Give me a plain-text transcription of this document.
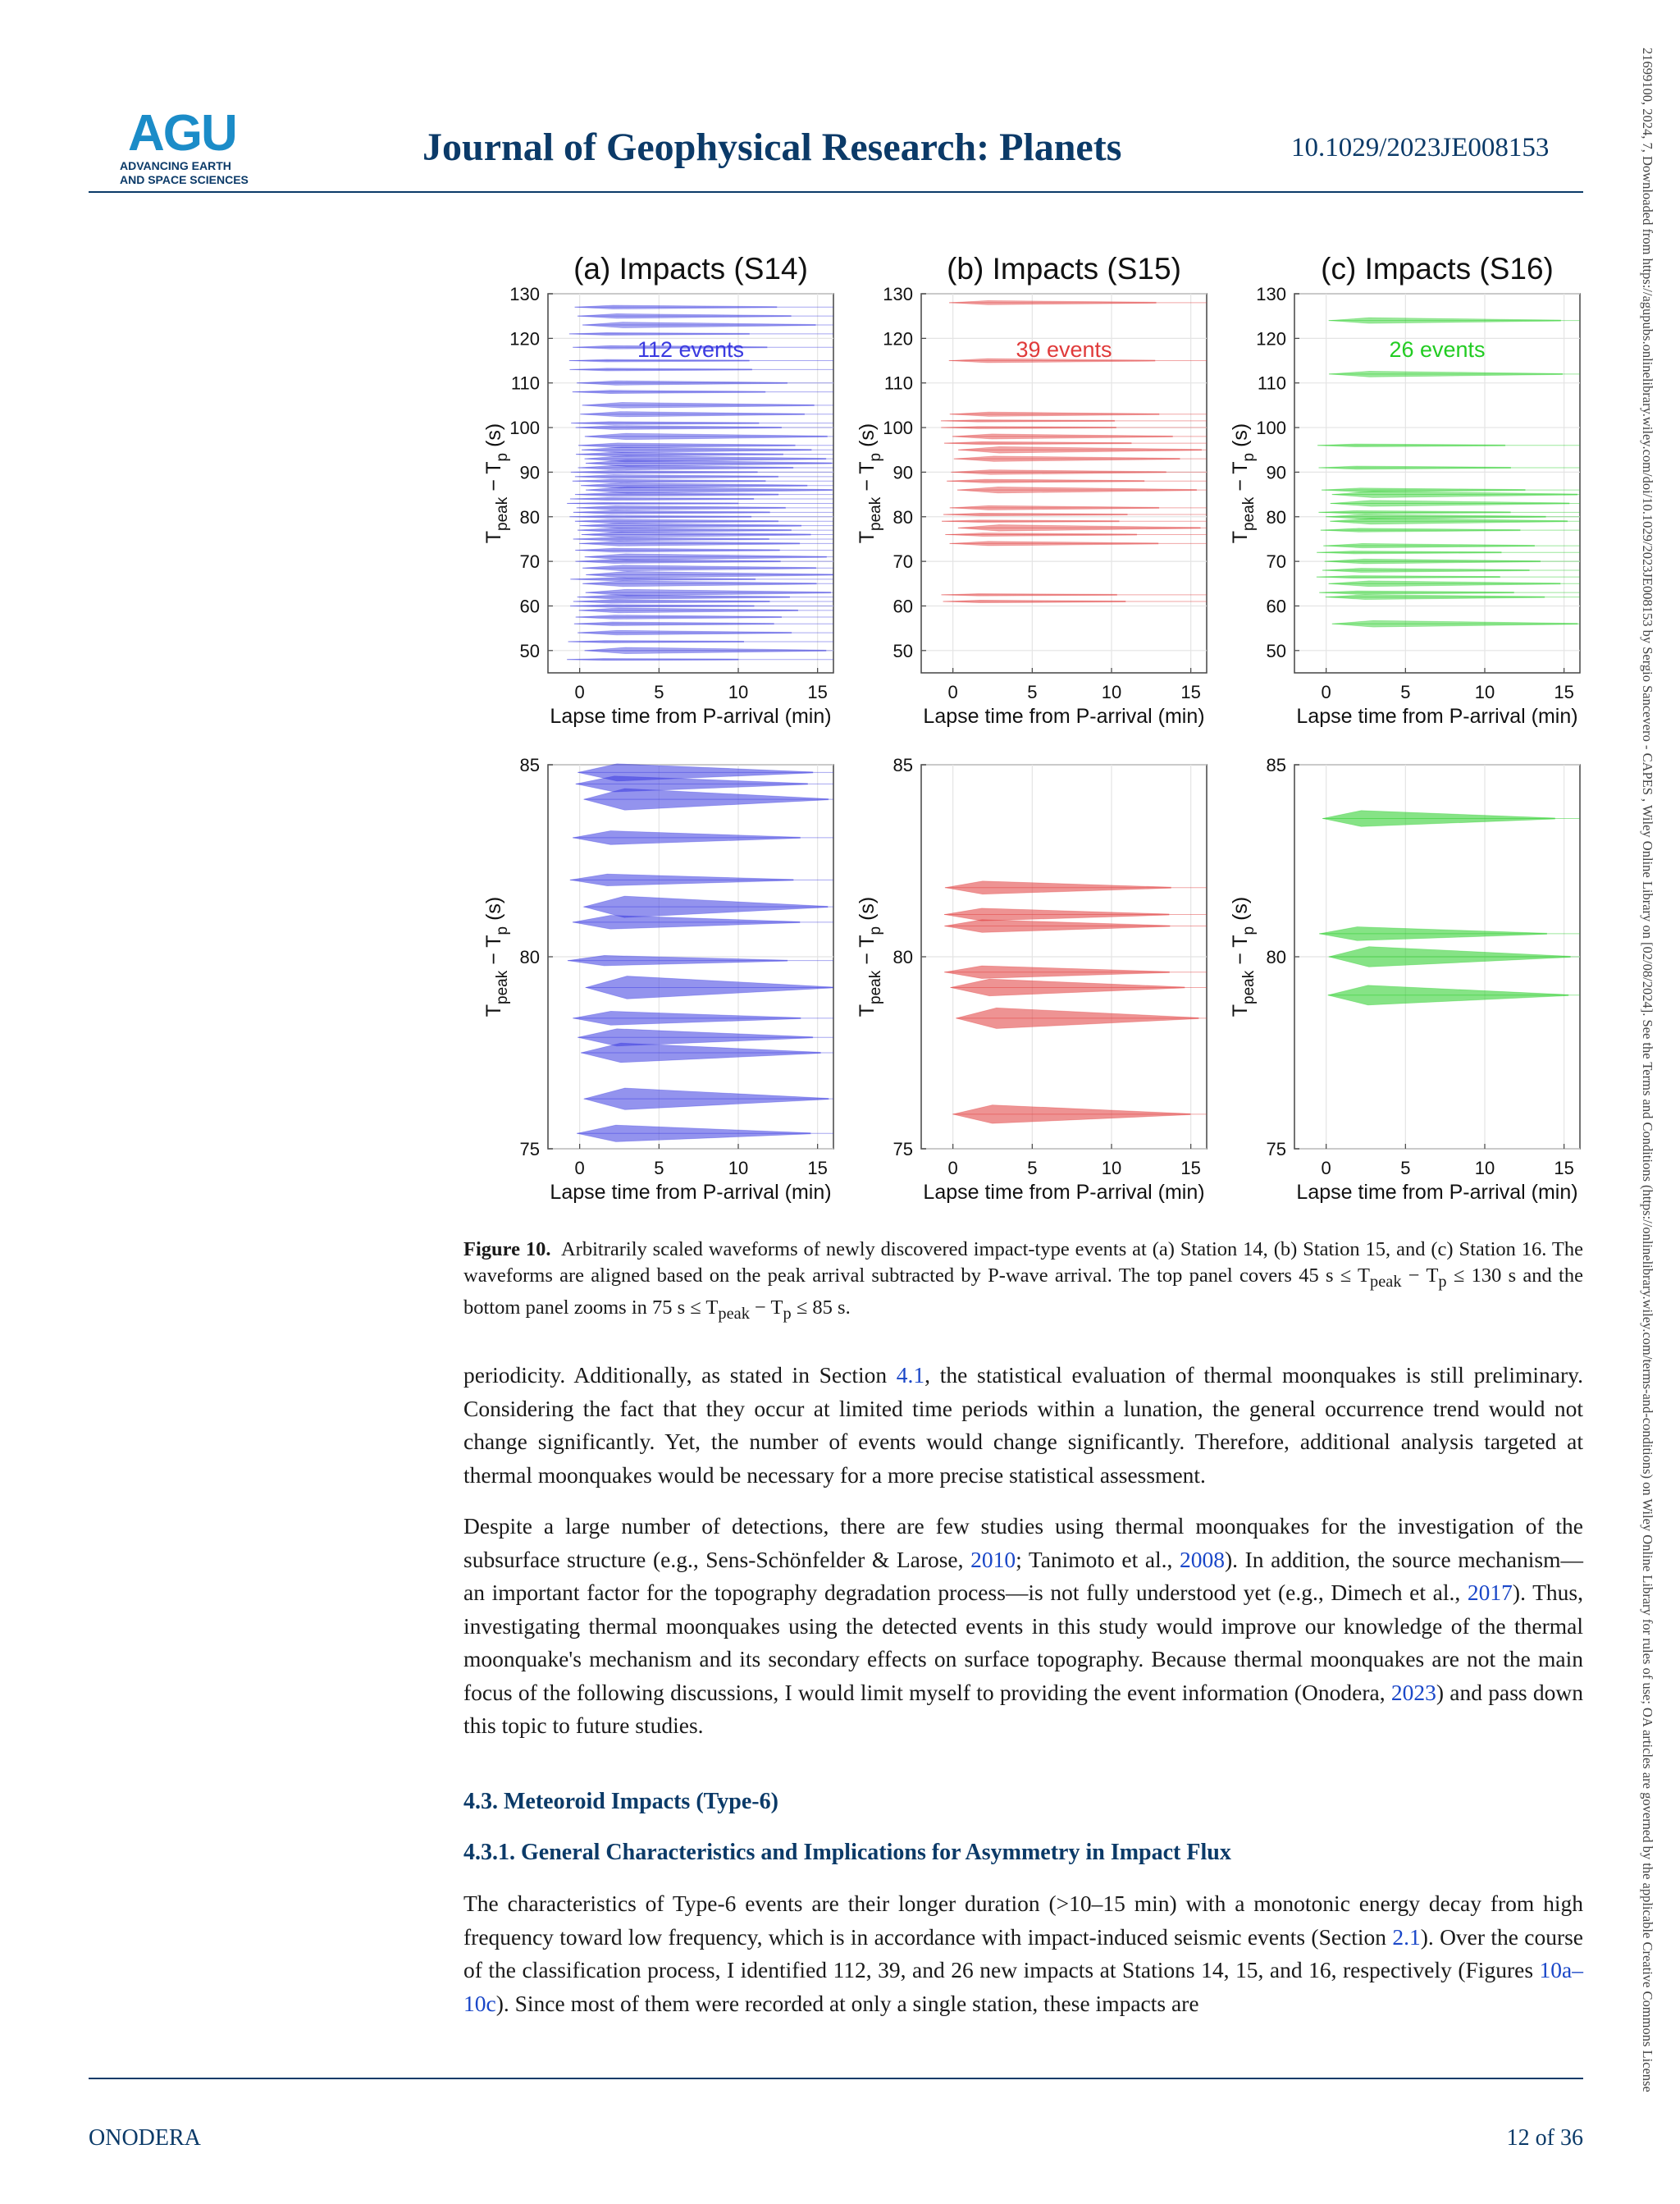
AGU
ADVANCING EARTH
AND SPACE SCIENCES
Journal of Geophysical Research: Planets	10.1029/2023JE008153	21699100, 2024, 7, Downloaded from https://agupubs.onlinelibrary.wiley.com/doi/10.1029/2023JE008153 by Sergio Sancevero - CAPES , Wiley Online Library on [02/08/2024]. See the Terms and Conditions (https://onlinelibrary.wiley.com/terms-and-conditions) on Wiley Online Library for rules of use; OA articles are governed by the applicable Creative Commons License
0	5	10	15
50
60
70
80
90
100
110
120
130
Lapse time from P-arrival (min)
$T_{peak} - T_p$ (s)
(a) Impacts (S14)
112 events
0	5	10	15
50
60
70
80
90
100
110
120
130
Lapse time from P-arrival (min)
$T_{peak} - T_p$ (s)
(b) Impacts (S15)
39 events
0	5	10	15
50
60
70
80
90
100
110
120
130
Lapse time from P-arrival (min)
$T_{peak} - T_p$ (s)
(c) Impacts (S16)
26 events
0	5	10	15
75
80
85
Lapse time from P-arrival (min)
$T_{peak} - T_p$ (s)
0	5	10	15
75
80
85
Lapse time from P-arrival (min)
$T_{peak} - T_p$ (s)
0	5	10	15
75
80
85
Lapse time from P-arrival (min)
$T_{peak} - T_p$ (s)
Figure 10. Arbitrarily scaled waveforms of newly discovered impact-type events at (a) Station 14, (b) Station 15, and (c) Station 16. The waveforms are aligned based on the peak arrival subtracted by P-wave arrival. The top panel covers 45 $s \le T_{peak} - T_p \le 130$ s and the bottom panel zooms in 75 $s \le T_{peak} - T_p \le 85$ s.
periodicity. Additionally, as stated in Section 4.1, the statistical evaluation of thermal moonquakes is still preliminary. Considering the fact that they occur at limited time periods within a lunation, the general occurrence trend would not change significantly. Yet, the number of events would change significantly. Therefore, additional analysis targeted at thermal moonquakes would be necessary for a more precise statistical assessment.
Despite a large number of detections, there are few studies using thermal moonquakes for the investigation of the subsurface structure (e.g., Sens-Schönfelder & Larose, 2010; Tanimoto et al., 2008). In addition, the source mechanism—an important factor for the topography degradation process—is not fully understood yet (e.g., Dimech et al., 2017). Thus, investigating thermal moonquakes using the detected events in this study would improve our knowledge of the thermal moonquake's mechanism and its secondary effects on surface topography. Because thermal moonquakes are not the main focus of the following discussions, I would limit myself to providing the event information (Onodera, 2023) and pass down this topic to future studies.
4.3. Meteoroid Impacts (Type-6)
4.3.1. General Characteristics and Implications for Asymmetry in Impact Flux
The characteristics of Type-6 events are their longer duration (>10–15 min) with a monotonic energy decay from high frequency toward low frequency, which is in accordance with impact-induced seismic events (Section 2.1). Over the course of the classification process, I identified 112, 39, and 26 new impacts at Stations 14, 15, and 16, respectively (Figures 10a–10c). Since most of them were recorded at only a single station, these impacts are
ONODERA	12 of 36
